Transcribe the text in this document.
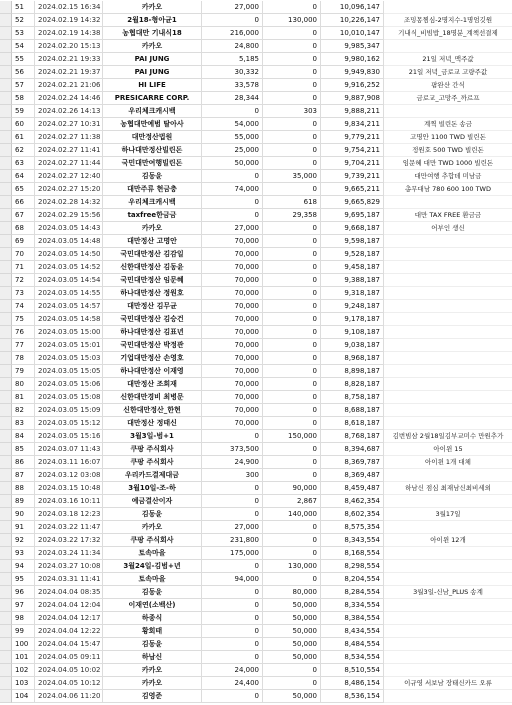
51	2024.02.15 16:34	카카오	27,000	0	10,096,147
52	2024.02.19 14:32	2월18-형아균1	0	130,000	10,226,147	조밍몽찜심-2명지수-1명엄깃원
53	2024.02.19 14:38	농협대만 기내식18	216,000	0	10,010,147	기내식_비빔밥_18명분_계책선결제
54	2024.02.20 15:13	카카오	24,800	0	9,985,347
55	2024.02.21 19:33	PAI JUNG	5,185	0	9,980,162	21일 저녁_맥주값
56	2024.02.21 19:37	PAI JUNG	30,332	0	9,949,830	21일 저녁_금로교 고량주값
57	2024.02.21 21:06	HI LIFE	33,578	0	9,916,252	팜완산 간식
58	2024.02.24 14:46	PRESICARRE CORP.	28,344	0	9,887,908	금로교_고망주_까르프
59	2024.02.26 14:13	우리체크캐시백	0	303	9,888,211
60	2024.02.27 10:31	농협대만예범 탈아사	54,000	0	9,834,211	계찍 빌린돈 송금
61	2024.02.27 11:38	대만정산법원	55,000	0	9,779,211	고명안 1100 TWD 빌린돈
62	2024.02.27 11:41	하나대만정산빌린돈	25,000	0	9,754,211	정원호 500 TWD 빌린돈
63	2024.02.27 11:44	국민대만여행빌린돈	50,000	0	9,704,211	임문혜 대만 TWD 1000 빌린돈
64	2024.02.27 12:40	김동윤	0	35,000	9,739,211	대만여행 추합데 미남금
65	2024.02.27 15:20	대만주류 현금충	74,000	0	9,665,211	총무대남 780 600 100 TWD
66	2024.02.28 14:32	우리체크캐시백	0	618	9,665,829
67	2024.02.29 15:56	taxfree한금금	0	29,358	9,695,187	대만 TAX FREE 환금금
68	2024.03.05 14:43	카카오	27,000	0	9,668,187	어부인 생신
69	2024.03.05 14:48	대만정산 고명안	70,000	0	9,598,187
70	2024.03.05 14:50	국민대만정산 김감일	70,000	0	9,528,187
71	2024.03.05 14:52	신한대만정산 김동윤	70,000	0	9,458,187
72	2024.03.05 14:54	국민대만정산 임문혜	70,000	0	9,388,187
73	2024.03.05 14:55	하나대만정산 정원호	70,000	0	9,318,187
74	2024.03.05 14:57	대만정산 김무균	70,000	0	9,248,187
75	2024.03.05 14:58	국민대만정산 김승건	70,000	0	9,178,187
76	2024.03.05 15:00	하나대만정산 김표년	70,000	0	9,108,187
77	2024.03.05 15:01	국민대만정산 박정관	70,000	0	9,038,187
78	2024.03.05 15:03	기업대만정산 손영호	70,000	0	8,968,187
79	2024.03.05 15:05	하나대만정산 이재영	70,000	0	8,898,187
80	2024.03.05 15:06	대만정산 조희재	70,000	0	8,828,187
81	2024.03.05 15:08	신한대만경비 최병문	70,000	0	8,758,187
82	2024.03.05 15:09	신한대만정산_한현	70,000	0	8,688,187
83	2024.03.05 15:12	대만정산 정태신	70,000	0	8,618,187
84	2024.03.05 15:16	3월3일-범+1	0	150,000	8,768,187	김번빔삼 2월18일김부교미수 만원추가
85	2024.03.07 11:43	쿠팡 주식회사	373,500	0	8,394,687	아이윈 15
86	2024.03.11 16:07	쿠팡 주식회사	24,900	0	8,369,787	아이윈 1개 대체
87	2024.03.12 03:08	우리카드결제대금	300	0	8,369,487
88	2024.03.15 10:48	3월10일-조-하	0	90,000	8,459,487	하남신 점심 최재남신최비세외
89	2024.03.16 10:11	예금결산이자	0	2,867	8,462,354
90	2024.03.18 12:23	김동윤	0	140,000	8,602,354	3월17일
91	2024.03.22 11:47	카카오	27,000	0	8,575,354
92	2024.03.22 17:32	쿠팡 주식회사	231,800	0	8,343,554	아이윈 12개
93	2024.03.24 11:34	토속마을	175,000	0	8,168,554
94	2024.03.27 10:08	3월24일-김범+년	0	130,000	8,298,554
95	2024.03.31 11:41	토속마을	94,000	0	8,204,554
96	2024.04.04 08:35	김동윤	0	80,000	8,284,554	3월3일-신남_PLUS 송계
97	2024.04.04 12:04	이재연(소백산)	0	50,000	8,334,554
98	2024.04.04 12:17	하종식	0	50,000	8,384,554
99	2024.04.04 12:22	황회태	0	50,000	8,434,554
100	2024.04.04 15:47	김동윤	0	50,000	8,484,554
101	2024.04.05 09:11	하남신	0	50,000	8,534,554
102	2024.04.05 10:02	카카오	24,000	0	8,510,554
103	2024.04.05 10:12	카카오	24,400	0	8,486,154	이규영 서보남 장태신카드 오류
104	2024.04.06 11:20	김영준	0	50,000	8,536,154
